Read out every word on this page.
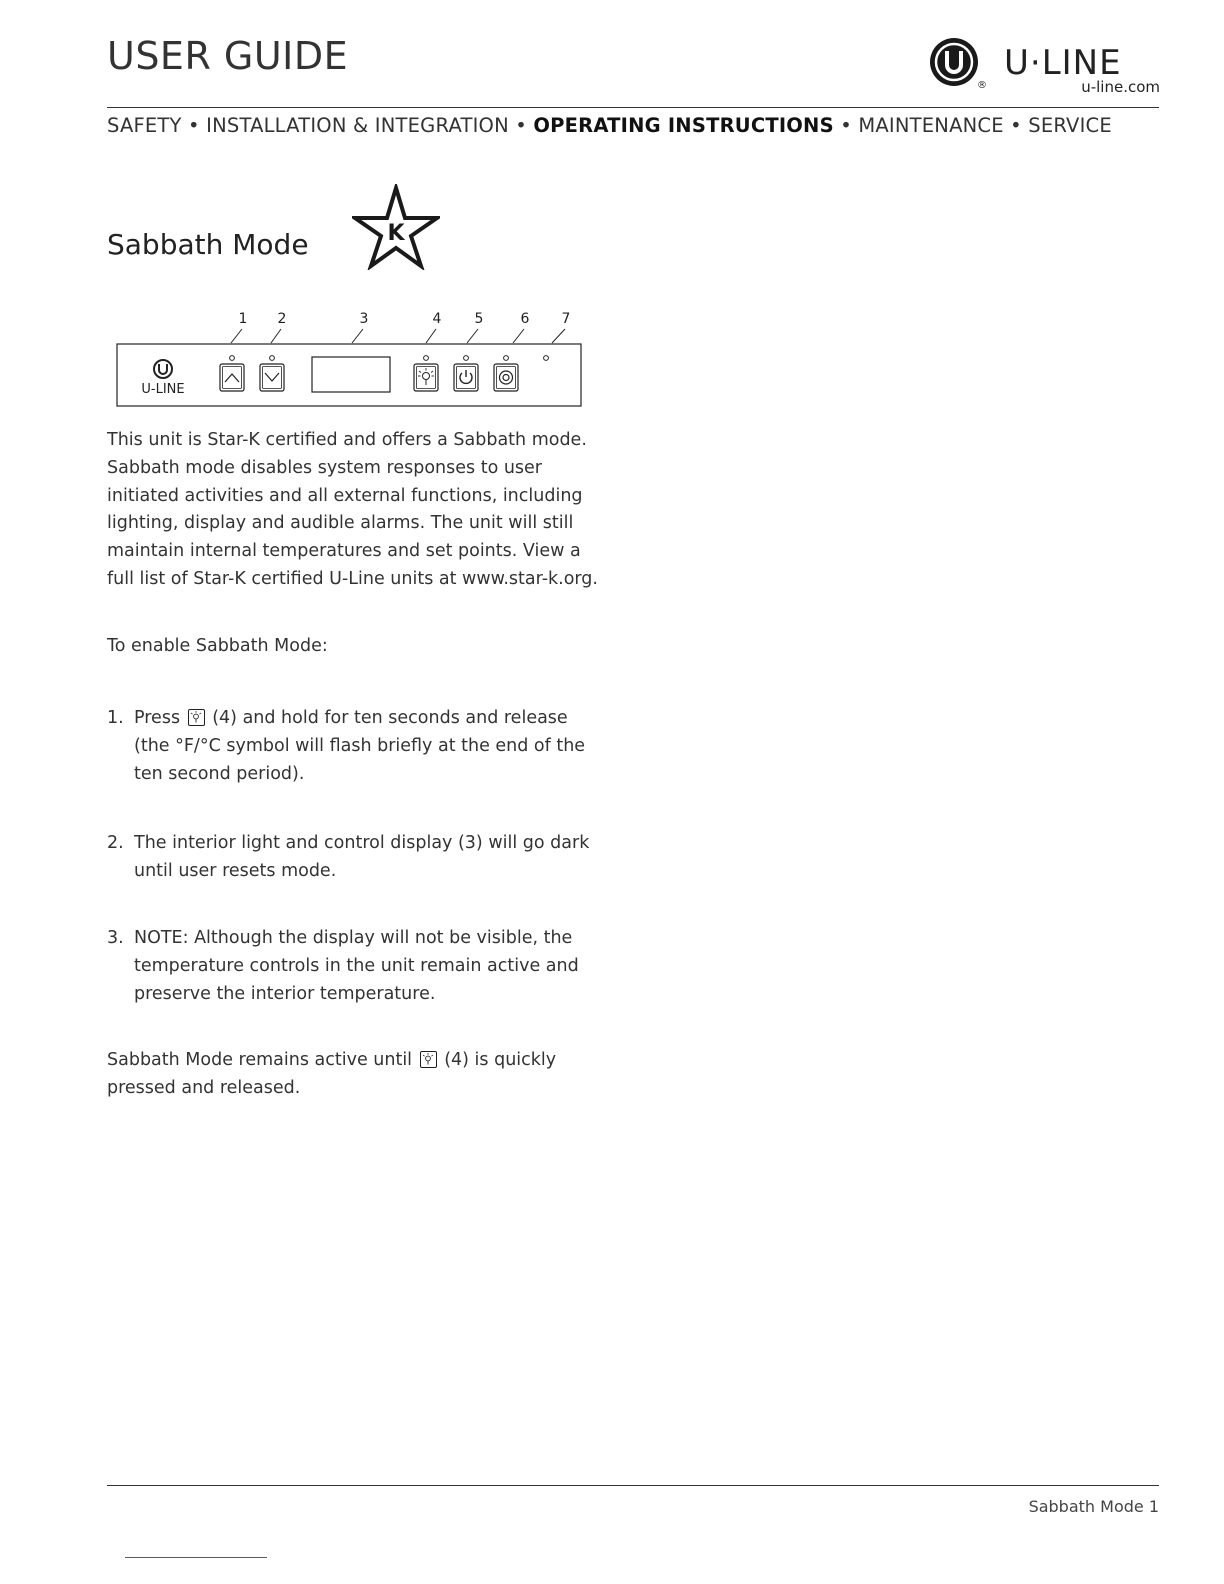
USER GUIDE
®
U·LINE
u-line.com
SAFETY • INSTALLATION & INTEGRATION • OPERATING INSTRUCTIONS • MAINTENANCE • SERVICE
Sabbath Mode	K
1 2	3	4 5	6 7
U-LINE
This unit is Star-K certified and offers a Sabbath mode. Sabbath mode disables system responses to user initiated activities and all external functions, including lighting, display and audible alarms. The unit will still maintain internal temperatures and set points. View a full list of Star-K certified U-Line units at www.star-k.org.
To enable Sabbath Mode:
1. Press (4) and hold for ten seconds and release (the °F/°C symbol will flash briefly at the end of the ten second period).
2. The interior light and control display (3) will go dark until user resets mode.
3. NOTE: Although the display will not be visible, the temperature controls in the unit remain active and preserve the interior temperature.
Sabbath Mode remains active until (4) is quickly pressed and released.
Sabbath Mode 1
